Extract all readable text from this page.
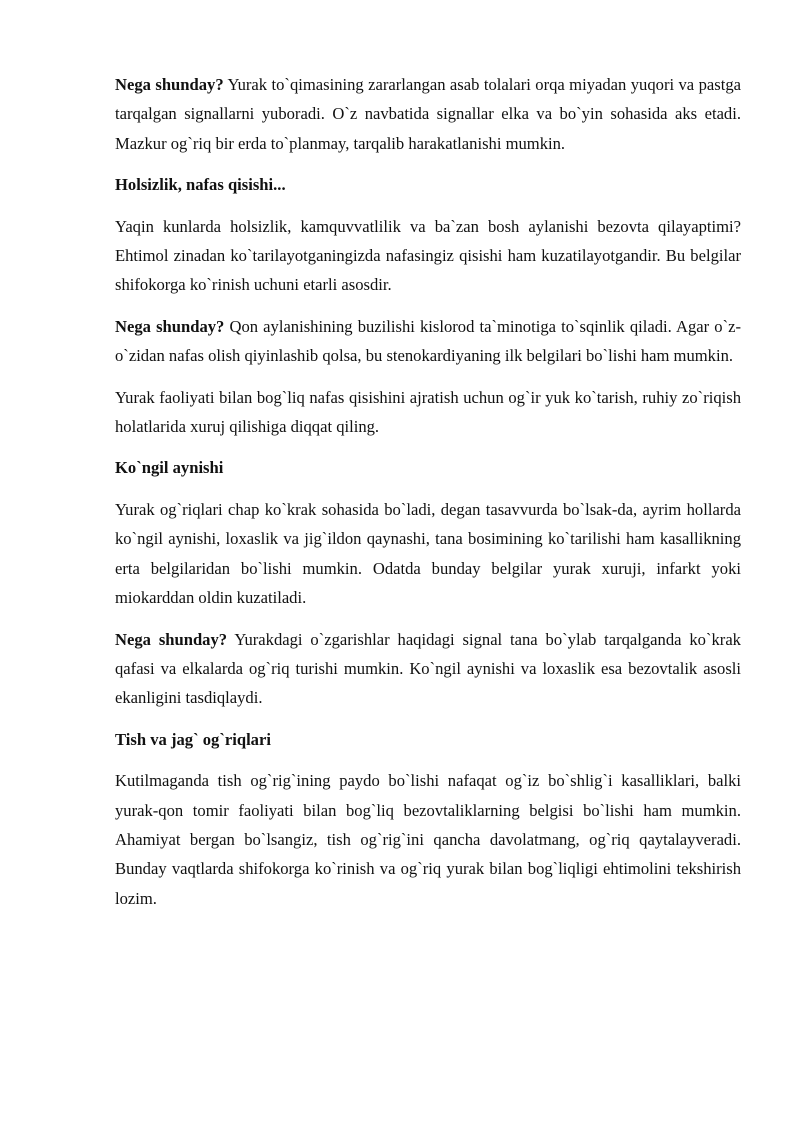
Nega shunday? Yurak to`qimasining zararlangan asab tolalari orqa miyadan yuqori va pastga tarqalgan signallarni yuboradi. O`z navbatida signallar elka va bo`yin sohasida aks etadi. Mazkur og`riq bir erda to`planmay, tarqalib harakatlanishi mumkin.

Holsizlik, nafas qisishi...

Yaqin kunlarda holsizlik, kamquvvatlilik va ba`zan bosh aylanishi bezovta qilayaptimi? Ehtimol zinadan ko`tarilayotganingizda nafasingiz qisishi ham kuzatilayotgandir. Bu belgilar shifokorga ko`rinish uchuni etarli asosdir.

Nega shunday? Qon aylanishining buzilishi kislorod ta`minotiga to`sqinlik qiladi. Agar o`z-o`zidan nafas olish qiyinlashib qolsa, bu stenokardiyaning ilk belgilari bo`lishi ham mumkin.

Yurak faoliyati bilan bog`liq nafas qisishini ajratish uchun og`ir yuk ko`tarish, ruhiy zo`riqish holatlarida xuruj qilishiga diqqat qiling.

Ko`ngil aynishi

Yurak og`riqlari chap ko`krak sohasida bo`ladi, degan tasavvurda bo`lsak-da, ayrim hollarda ko`ngil aynishi, loxaslik va jig`ildon qaynashi, tana bosimining ko`tarilishi ham kasallikning erta belgilaridan bo`lishi mumkin. Odatda bunday belgilar yurak xuruji, infarkt yoki miokarddan oldin kuzatiladi.

Nega shunday? Yurakdagi o`zgarishlar haqidagi signal tana bo`ylab tarqalganda ko`krak qafasi va elkalarda og`riq turishi mumkin. Ko`ngil aynishi va loxaslik esa bezovtalik asosli ekanligini tasdiqlaydi.

Tish va jag` og`riqlari

Kutilmaganda tish og`rig`ining paydo bo`lishi nafaqat og`iz bo`shlig`i kasalliklari, balki yurak-qon tomir faoliyati bilan bog`liq bezovtaliklarning belgisi bo`lishi ham mumkin. Ahamiyat bergan bo`lsangiz, tish og`rig`ini qancha davolatmang, og`riq qaytalayveradi. Bunday vaqtlarda shifokorga ko`rinish va og`riq yurak bilan bog`liqligi ehtimolini tekshirish lozim.
